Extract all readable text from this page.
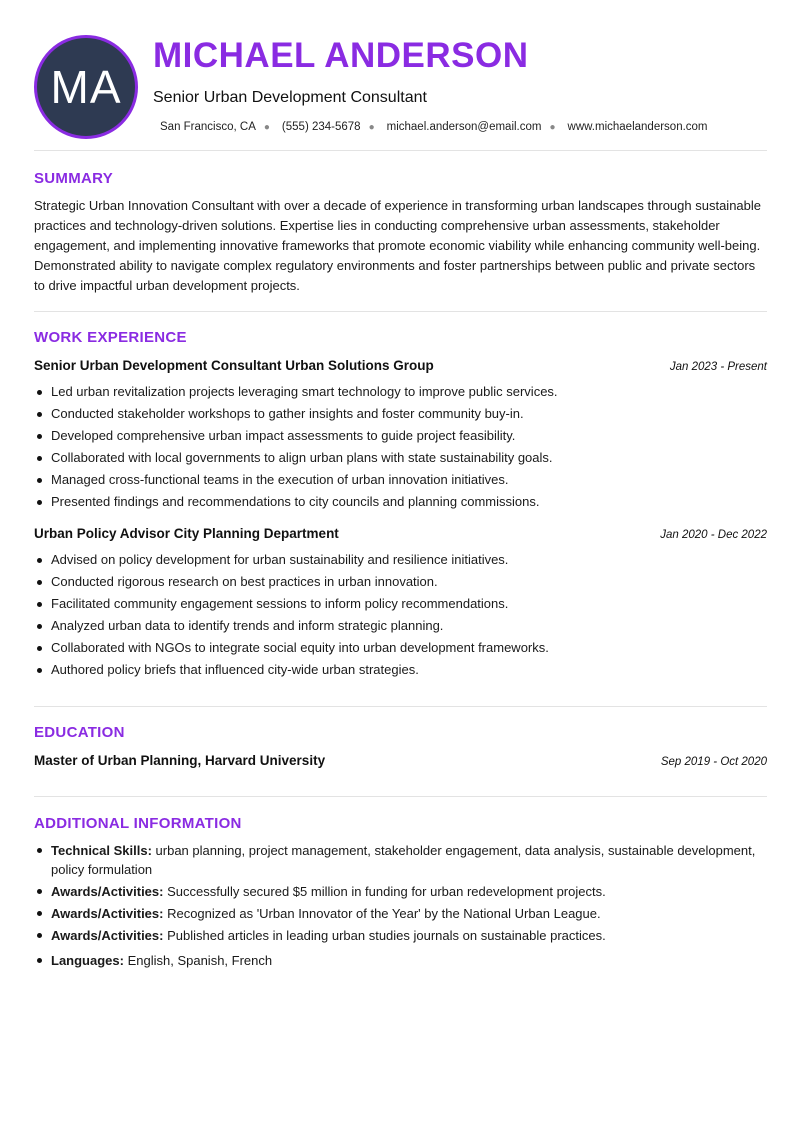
MA
MICHAEL ANDERSON
Senior Urban Development Consultant
San Francisco, CA ● (555) 234-5678 ● michael.anderson@email.com ● www.michaelanderson.com
SUMMARY
Strategic Urban Innovation Consultant with over a decade of experience in transforming urban landscapes through sustainable practices and technology-driven solutions. Expertise lies in conducting comprehensive urban assessments, stakeholder engagement, and implementing innovative frameworks that promote economic viability while enhancing community well-being. Demonstrated ability to navigate complex regulatory environments and foster partnerships between public and private sectors to drive impactful urban development projects.
WORK EXPERIENCE
Senior Urban Development Consultant Urban Solutions Group	Jan 2023 - Present
Led urban revitalization projects leveraging smart technology to improve public services.
Conducted stakeholder workshops to gather insights and foster community buy-in.
Developed comprehensive urban impact assessments to guide project feasibility.
Collaborated with local governments to align urban plans with state sustainability goals.
Managed cross-functional teams in the execution of urban innovation initiatives.
Presented findings and recommendations to city councils and planning commissions.
Urban Policy Advisor City Planning Department	Jan 2020 - Dec 2022
Advised on policy development for urban sustainability and resilience initiatives.
Conducted rigorous research on best practices in urban innovation.
Facilitated community engagement sessions to inform policy recommendations.
Analyzed urban data to identify trends and inform strategic planning.
Collaborated with NGOs to integrate social equity into urban development frameworks.
Authored policy briefs that influenced city-wide urban strategies.
EDUCATION
Master of Urban Planning, Harvard University	Sep 2019 - Oct 2020
ADDITIONAL INFORMATION
Technical Skills: urban planning, project management, stakeholder engagement, data analysis, sustainable development, policy formulation
Awards/Activities: Successfully secured $5 million in funding for urban redevelopment projects.
Awards/Activities: Recognized as 'Urban Innovator of the Year' by the National Urban League.
Awards/Activities: Published articles in leading urban studies journals on sustainable practices.
Languages: English, Spanish, French
